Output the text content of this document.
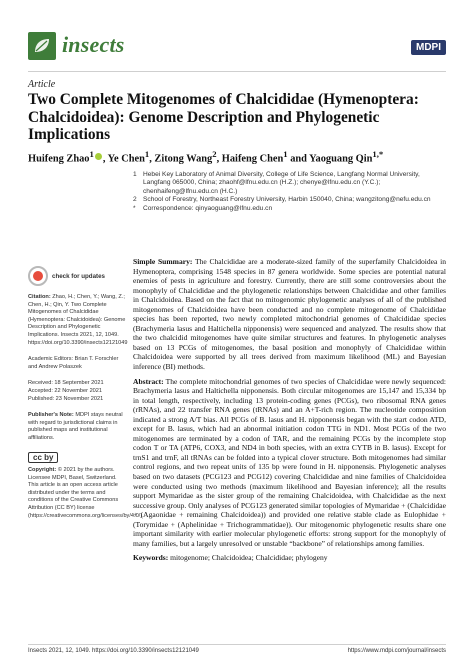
insects	MDPI
Article
Two Complete Mitogenomes of Chalcididae (Hymenoptera: Chalcidoidea): Genome Description and Phylogenetic Implications
Huifeng Zhao$^1$ , Ye Chen$^1$, Zitong Wang$^2$, Haifeng Chen$^1$ and Yaoguang Qin$^{1,*}$
1 Hebei Key Laboratory of Animal Diversity, College of Life Science, Langfang Normal University, Langfang 065000, China; zhaohf@lfnu.edu.cn (H.Z.); chenye@lfnu.edu.cn (Y.C.); chenhaifeng@lfnu.edu.cn (H.C.)
2 School of Forestry, Northeast Forestry University, Harbin 150040, China; wangzitong@nefu.edu.cn
* Correspondence: qinyaoguang@lfnu.edu.cn
check for updates
Citation: Zhao, H.; Chen, Y.; Wang, Z.; Chen, H.; Qin, Y. Two Complete Mitogenomes of Chalcididae (Hymenoptera: Chalcidoidea): Genome Description and Phylogenetic Implications. Insects 2021, 12, 1049. https://doi.org/10.3390/insects12121049
Academic Editors: Brian T. Forschler and Andrew Polaszek
Received: 18 September 2021
Accepted: 22 November 2021
Published: 23 November 2021
Publisher's Note: MDPI stays neutral with regard to jurisdictional claims in published maps and institutional affiliations.
cc by
Copyright: © 2021 by the authors. Licensee MDPI, Basel, Switzerland. This article is an open access article distributed under the terms and conditions of the Creative Commons Attribution (CC BY) license (https://creativecommons.org/licenses/by/4.0/).
Simple Summary: The Chalcididae are a moderate-sized family of the superfamily Chalcidoidea in Hymenoptera, comprising 1548 species in 87 genera worldwide. Some species are potential natural enemies of pests in agriculture and forestry. Currently, there are still some controversies about the monophyly of Chalcididae and the phylogenetic relationships between Chalcididae and other families in Chalcidoidea. Based on the fact that no mitogenomic phylogenetic analyses of all of the published mitogenomes of Chalcidoidea have been conducted and no complete mitogenome of Chalcididae species has been reported, two newly completed mitochondrial genomes of Chalcididae species (Brachymeria lasus and Haltichella nipponensis) were sequenced and analyzed. The results show that the two chalcidid mitogenomes have quite similar structures and features. In phylogenetic analyses based on 13 PCGs of mitogenomes, the basal position and monophyly of Chalcididae within Chalcidoidea were supported by all trees derived from maximum likelihood (ML) and Bayesian inference (BI) methods.
Abstract: The complete mitochondrial genomes of two species of Chalcididae were newly sequenced: Brachymeria lasus and Haltichella nipponensis. Both circular mitogenomes are 15,147 and 15,334 bp in total length, respectively, including 13 protein-coding genes (PCGs), two ribosomal RNA genes (rRNAs), and 22 transfer RNA genes (tRNAs) and an A+T-rich region. The nucleotide composition indicated a strong A/T bias. All PCGs of B. lasus and H. nipponensis began with the start codon ATD, except for B. lasus, which had an abnormal initiation codon TTG in ND1. Most PCGs of the two mitogenomes are terminated by a codon of TAR, and the remaining PCGs by the incomplete stop codon T or TA (ATP6, COX3, and ND4 in both species, with an extra CYTB in B. lasus). Except for trnS1 and trnF, all tRNAs can be folded into a typical clover structure. Both mitogenomes had similar control regions, and two repeat units of 135 bp were found in H. nipponensis. Phylogenetic analyses based on two datasets (PCG123 and PCG12) covering Chalcididae and nine families of Chalcidoidea were conducted using two methods (maximum likelihood and Bayesian inference); all the results support Mymaridae as the sister group of the remaining Chalcidoidea, with Chalcididae as the next successive group. Only analyses of PCG123 generated similar topologies of Mymaridae + (Chalcididae + (Agaonidae + remaining Chalcidoidea)) and provided one relative stable clade as Eulophidae + (Torymidae + (Aphelinidae + Trichogrammatidae)). Our mitogenomic phylogenetic results share one important similarity with earlier molecular phylogenetic efforts: strong support for the monophyly of many families, but a largely unresolved or unstable “backbone” of relationships among families.
Keywords: mitogenome; Chalcidoidea; Chalcididae; phylogeny
Insects 2021, 12, 1049. https://doi.org/10.3390/insects12121049	https://www.mdpi.com/journal/insects
